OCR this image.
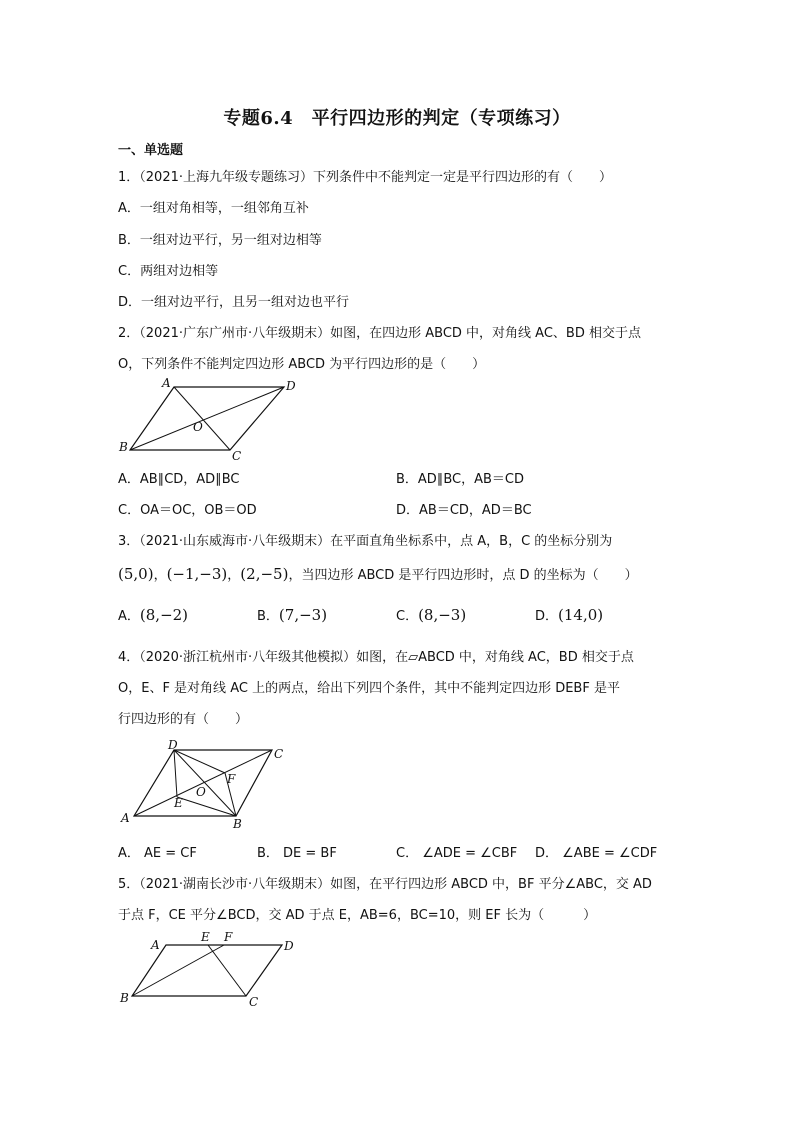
专题6.4　平行四边形的判定（专项练习）
一、单选题
1．（2021·上海九年级专题练习）下列条件中不能判定一定是平行四边形的有（　　）
A．一组对角相等，一组邻角互补
B．一组对边平行，另一组对边相等
C．两组对边相等
D．一组对边平行，且另一组对边也平行
2．（2021·广东广州市·八年级期末）如图，在四边形 ABCD 中，对角线 AC、BD 相交于点
O，下列条件不能判定四边形 ABCD 为平行四边形的是（　　）
A	D
O
B
C
A．AB∥CD，AD∥BC	B．AD∥BC，AB＝CD
C．OA＝OC，OB＝OD	D．AB＝CD，AD＝BC
3．（2021·山东威海市·八年级期末）在平面直角坐标系中，点 A，B，C 的坐标分别为
(5,0)，(−1,−3)，(2,−5)，当四边形 ABCD 是平行四边形时，点 D 的坐标为（　　）
A．(8,−2)	B．(7,−3)	C．(8,−3)	D．(14,0)
4．（2020·浙江杭州市·八年级其他模拟）如图，在▱ABCD 中，对角线 AC，BD 相交于点
O，E、F 是对角线 AC 上的两点，给出下列四个条件，其中不能判定四边形 DEBF 是平
行四边形的有（　　）
D
C
F
O
E
A	B
A． AE = CF	B． DE = BF	C． ∠ADE = ∠CBF D． ∠ABE = ∠CDF
5．（2021·湖南长沙市·八年级期末）如图，在平行四边形 ABCD 中，BF 平分∠ABC，交 AD
于点 F，CE 平分∠BCD，交 AD 于点 E，AB=6，BC=10，则 EF 长为（　　　）
A
E F
D
B	C
